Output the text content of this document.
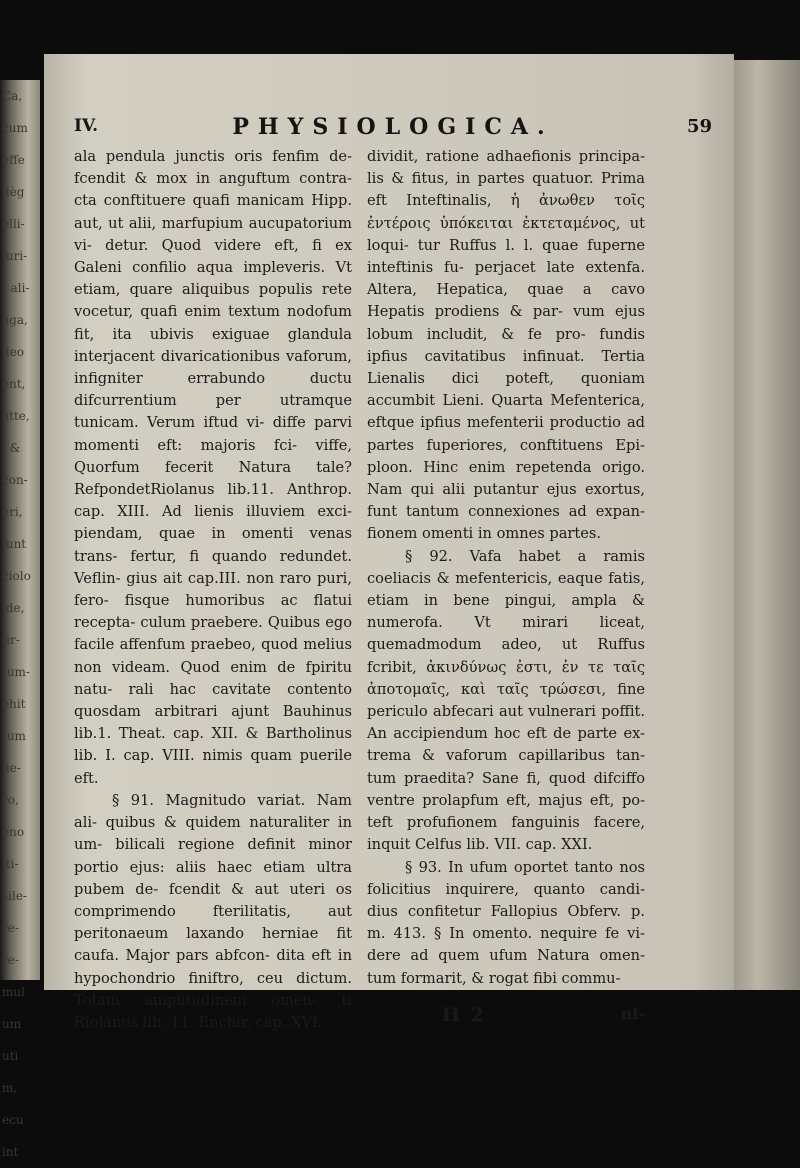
Ca,
cum
effe
dèg
elli-
luri-
t ali-
aga,
deo
ent,
atte,
, &
con-
eri,
lunt
ciolo
ide,
fir-
tum-
ehit
tum
lie-
ro,
eno
iti-
sile-
re-
re-
mul
um
uti
m,
ecu
int
IV.	PHYSIOLOGICA.	59

ala pendula junctis oris fenfim de- fcendit & mox in anguftum contra- cta conftituere quafi manicam Hipp. aut, ut alii, marfupium aucupatorium vi- detur. Quod videre eft, fi ex Galeni confilio aqua impleveris. Vt etiam, quare aliquibus populis rete vocetur, quafi enim textum nodofum fit, ita ubivis exiguae glandula interjacent divaricationibus vaforum, infigniter errabundo ductu difcurrentium per utramque tunicam. Verum iftud vi- diffe parvi momenti eft: majoris fci- viffe, Quorfum fecerit Natura tale? RefpondetRiolanus lib.11. Anthrop. cap. XIII. Ad lienis illuviem exci- piendam, quae in omenti venas trans- fertur, fi quando redundet. Veflin- gius ait cap.III. non raro puri, fero- fisque humoribus ac flatui recepta- culum praebere. Quibus ego facile affenfum praebeo, quod melius non videam. Quod enim de fpiritu natu- rali hac cavitate contento quosdam arbitrari ajunt Bauhinus lib.1. Theat. cap. XII. & Bartholinus lib. I. cap. VIII. nimis quam puerile eft.

§ 91. Magnitudo variat. Nam ali- quibus & quidem naturaliter in um- bilicali regione definit minor portio ejus: aliis haec etiam ultra pubem de- fcendit & aut uteri os comprimendo fterilitatis, aut peritonaeum laxando herniae fit caufa. Major pars abfcon- dita eft in hypochondrio finiftro, ceu dictum. Totam amplitudinem omen- ti Riolanus lib. 11. Enchir. cap. XVI.

dividit, ratione adhaefionis principa- lis & fitus, in partes quatuor. Prima eft Inteftinalis, ἡ ἀνωθεν τοῖς ἐντέροις ὑπόκειται ἐκτεταμένος, ut loqui- tur Ruffus l. l. quae fuperne inteftinis fu- perjacet late extenfa. Altera, Hepatica, quae a cavo Hepatis prodiens & par- vum ejus lobum includit, & fe pro- fundis ipfius cavitatibus infinuat. Tertia Lienalis dici poteft, quoniam accumbit Lieni. Quarta Mefenterica, eftque ipfius mefenterii productio ad partes fuperiores, conftituens Epi- ploon. Hinc enim repetenda origo. Nam qui alii putantur ejus exortus, funt tantum connexiones ad expan- fionem omenti in omnes partes.

§ 92. Vafa habet a ramis coeliacis & mefentericis, eaque fatis, etiam in bene pingui, ampla & numerofa. Vt mirari liceat, quemadmodum adeo, ut Ruffus fcribit, ἀκινδύνως ἐστι, ἐν τε ταῖς ἀποτομαῖς, καὶ ταῖς τρώσεσι, fine periculo abfecari aut vulnerari poffit. An accipiendum hoc eft de parte ex- trema & vaforum capillaribus tan- tum praedita? Sane fi, quod difciffo ventre prolapfum eft, majus eft, po- teft profufionem fanguinis facere, inquit Celfus lib. VII. cap. XXI.

§ 93. In ufum oportet tanto nos folicitius inquirere, quanto candi- dius confitetur Fallopius Obferv. p. m. 413. § In omento. nequire fe vi- dere ad quem ufum Natura omen- tum formarit, & rogat fibi commu-

H 2	ni-
